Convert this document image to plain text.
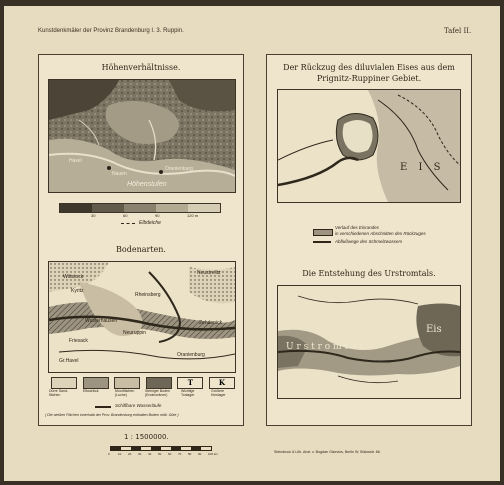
Kunstdenkmäler der Provinz Brandenburg I. 3. Ruppin.	Tafel II.
Höhenverhältnisse.
Oranienburg
Nauen
Havel
Höhenstufen
30	60	90	120 m
Elbdeiche
Bodenarten.
Wittstock
Neustrelitz
Kyritz
Zehdenick
Rheinsberg
Neuruppin
Friesack
Oranienburg
Wusterhausen
Gr.Havel
T	K
Dürre Sand-
flächen
Elbschlick	Moorflächen
(Luche)
Steiniger Boden
(Endmoränen)
Wichtige
Tonlager
Größere
Kieslager
Schiffbare Wasserläufe
( Die weißen Flächen innerhalb der Prov. Brandenburg enthalten Boden mittl. Güte )
Der Rückzug des diluvialen Eises aus dem
Prignitz-Ruppiner Gebiet.
E I S
Verlauf des Eisrandes
in verschiedenen Abschnitten des Rückzuges
Abflußwege des Schmelzwassers
Die Entstehung des Urstromtals.
Eis
U r s t r o m t a l
1 : 1500000.
0	10 20 30 40 50 60 70 80 90 100 km	Steindruck & Lith. Anst. v. Bogdan Gisevius, Berlin W. Bülowstr. 66.
